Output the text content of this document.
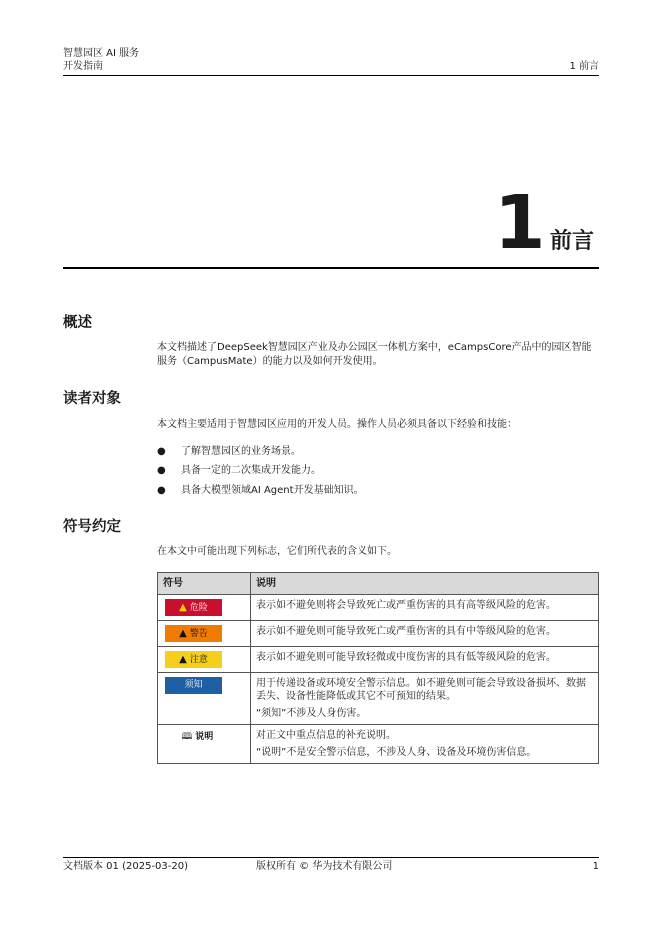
智慧园区 AI 服务
开发指南	1 前言
1 前言
概述
本文档描述了DeepSeek智慧园区产业及办公园区一体机方案中，eCampsCore产品中的园区智能服务（CampusMate）的能力以及如何开发使用。
读者对象
本文档主要适用于智慧园区应用的开发人员。操作人员必须具备以下经验和技能：
● 了解智慧园区的业务场景。
● 具备一定的二次集成开发能力。
● 具备大模型领域AI Agent开发基础知识。
符号约定
在本文中可能出现下列标志，它们所代表的含义如下。
符号	说明
▲ 危险	表示如不避免则将会导致死亡或严重伤害的具有高等级风险的危害。

▲ 警告	表示如不避免则可能导致死亡或严重伤害的具有中等级风险的危害。

▲ 注意	表示如不避免则可能导致轻微或中度伤害的具有低等级风险的危害。

须知	用于传递设备或环境安全警示信息。如不避免则可能会导致设备损坏、数据丢失、设备性能降低或其它不可预知的结果。

“须知”不涉及人身伤害。

🕮 说明	对正文中重点信息的补充说明。

“说明”不是安全警示信息，不涉及人身、设备及环境伤害信息。

文档版本 01 (2025-03-20)	版权所有 © 华为技术有限公司	1
